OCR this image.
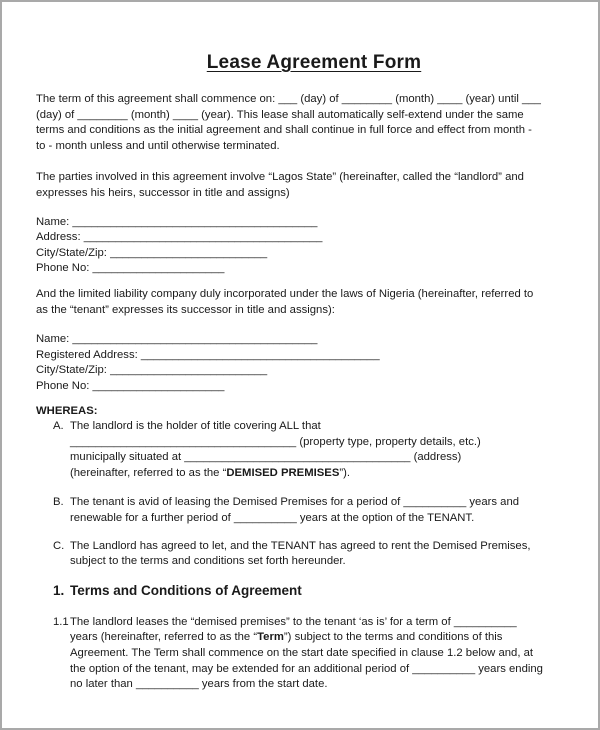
Lease Agreement Form
The term of this agreement shall commence on: ___ (day) of ________ (month) ____ (year) until ___
(day) of ________ (month) ____ (year). This lease shall automatically self-extend under the same
terms and conditions as the initial agreement and shall continue in full force and effect from month -
to - month unless and until otherwise terminated.
The parties involved in this agreement involve “Lagos State” (hereinafter, called the “landlord” and
expresses his heirs, successor in title and assigns)
Name: _______________________________________
Address: ______________________________________
City/State/Zip: _________________________
Phone No: _____________________
And the limited liability company duly incorporated under the laws of Nigeria (hereinafter, referred to
as the “tenant” expresses its successor in title and assigns):
Name: _______________________________________
Registered Address: ______________________________________
City/State/Zip: _________________________
Phone No: _____________________
WHEREAS:
A. The landlord is the holder of title covering ALL that
____________________________________ (property type, property details, etc.)
municipally situated at ____________________________________ (address)
(hereinafter, referred to as the “DEMISED PREMISES”).
B. The tenant is avid of leasing the Demised Premises for a period of __________ years and
renewable for a further period of __________ years at the option of the TENANT.
C. The Landlord has agreed to let, and the TENANT has agreed to rent the Demised Premises,
subject to the terms and conditions set forth hereunder.
1. Terms and Conditions of Agreement
1.1 The landlord leases the “demised premises” to the tenant ‘as is’ for a term of __________
years (hereinafter, referred to as the “Term”) subject to the terms and conditions of this
Agreement. The Term shall commence on the start date specified in clause 1.2 below and, at
the option of the tenant, may be extended for an additional period of __________ years ending
no later than __________ years from the start date.
